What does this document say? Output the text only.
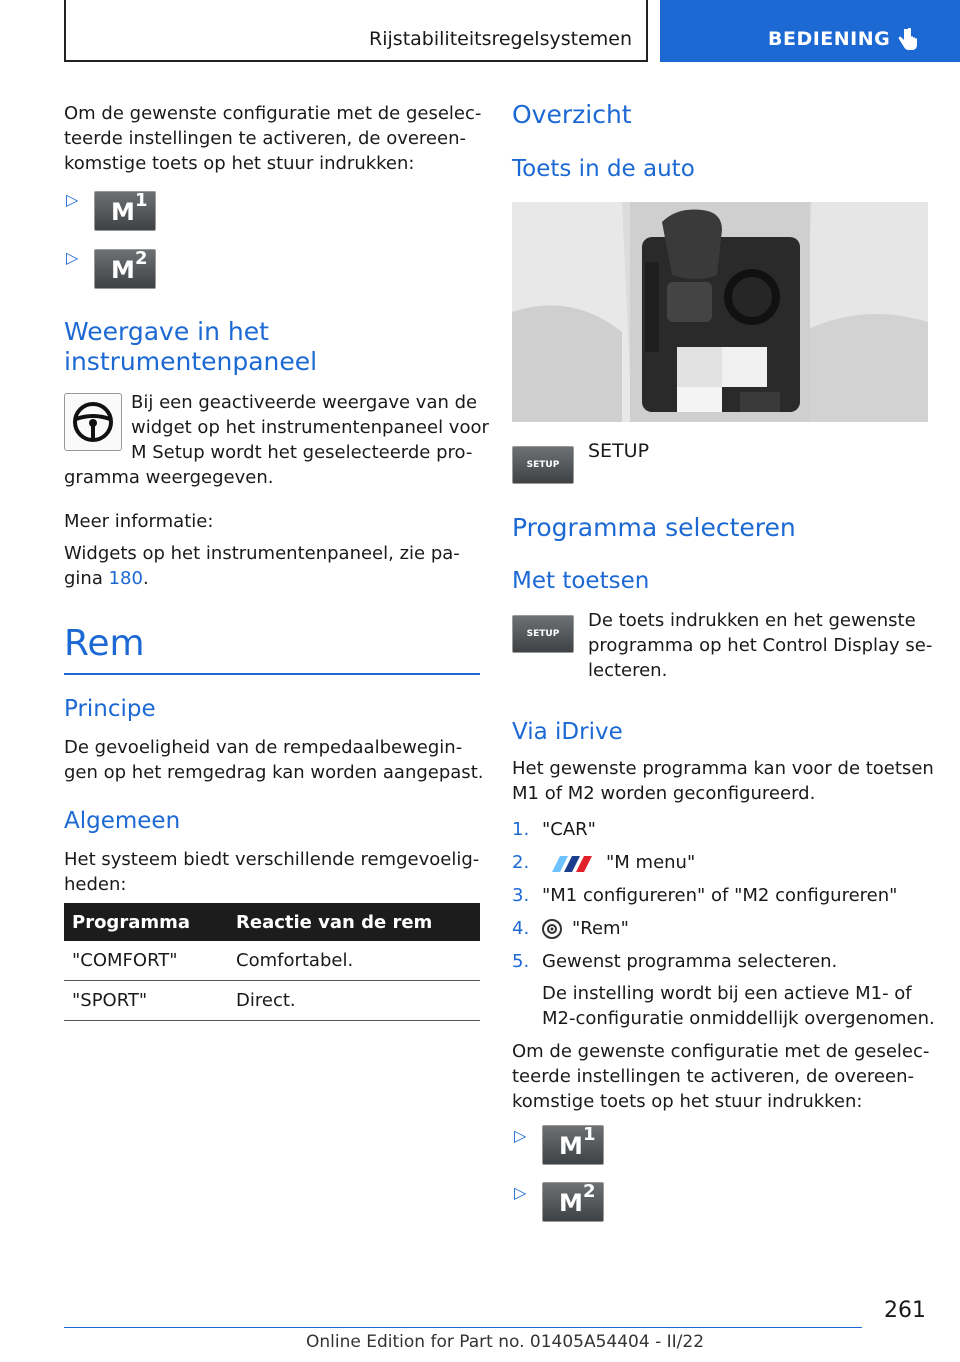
Rijstabiliteitsregelsystemen	BEDIENING
Om de gewenste configuratie met de geselec-
teerde instellingen te activeren, de overeen-
komstige toets op het stuur indrukken:
▷ M 1
▷ M 2
Weergave in het
instrumentenpaneel
Bij een geactiveerde weergave van de
widget op het instrumentenpaneel voor
M Setup wordt het geselecteerde pro-
gramma weergegeven.
Meer informatie:
Widgets op het instrumentenpaneel, zie pa-
gina 180.
Rem
Principe
De gevoeligheid van de rempedaalbewegin-
gen op het remgedrag kan worden aangepast.
Algemeen
Het systeem biedt verschillende remgevoelig-
heden:
Programma	Reactie van de rem
"COMFORT"	Comfortabel.
"SPORT"	Direct.
Overzicht
Toets in de auto
SETUP
SETUP
Programma selecteren
Met toetsen
SETUP
De toets indrukken en het gewenste
programma op het Control Display se-
lecteren.
Via iDrive
Het gewenste programma kan voor de toetsen
M1 of M2 worden geconfigureerd.
1. "CAR"
2.	"M menu"
3. "M1 configureren" of "M2 configureren"
4. "Rem"
5. Gewenst programma selecteren.
De instelling wordt bij een actieve M1- of
M2-configuratie onmiddellijk overgenomen.
Om de gewenste configuratie met de geselec-
teerde instellingen te activeren, de overeen-
komstige toets op het stuur indrukken:
▷ M 1
▷ M 2
261
Online Edition for Part no. 01405A54404 - II/22
